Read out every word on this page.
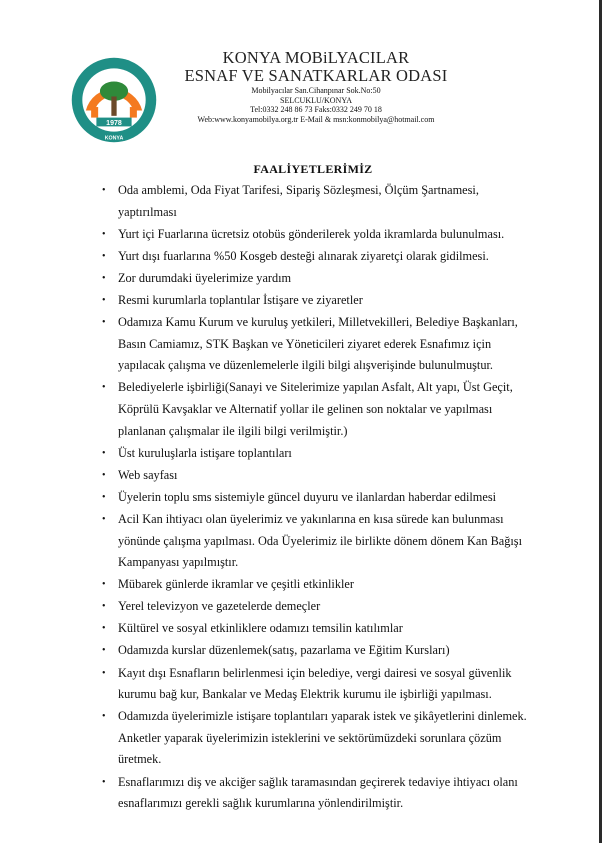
1978
KONYA
KONYA MOBiLYACILAR
ESNAF VE SANATKARLAR ODASI
Mobilyacılar San.Cihanpınar Sok.No:50
SELCUKLU/KONYA
Tel:0332 248 86 73 Faks:0332 249 70 18
Web:www.konyamobilya.org.tr E-Mail & msn:konmobilya@hotmail.com
FAALİYETLERİMİZ
• Oda amblemi, Oda Fiyat Tarifesi, Sipariş Sözleşmesi, Ölçüm Şartnamesi, yaptırılması
• Yurt içi Fuarlarına ücretsiz otobüs gönderilerek yolda ikramlarda bulunulması.
• Yurt dışı fuarlarına %50 Kosgeb desteği alınarak ziyaretçi olarak gidilmesi.
• Zor durumdaki üyelerimize yardım
• Resmi kurumlarla toplantılar İstişare ve ziyaretler
• Odamıza Kamu Kurum ve kuruluş yetkileri, Milletvekilleri, Belediye Başkanları, Basın Camiamız, STK Başkan ve Yöneticileri ziyaret ederek Esnafımız için yapılacak çalışma ve düzenlemelerle ilgili bilgi alışverişinde bulunulmuştur.
• Belediyelerle işbirliği(Sanayi ve Sitelerimize yapılan Asfalt, Alt yapı, Üst Geçit, Köprülü Kavşaklar ve Alternatif yollar ile gelinen son noktalar ve yapılması planlanan çalışmalar ile ilgili bilgi verilmiştir.)
• Üst kuruluşlarla istişare toplantıları
• Web sayfası
• Üyelerin toplu sms sistemiyle güncel duyuru ve ilanlardan haberdar edilmesi
• Acil Kan ihtiyacı olan üyelerimiz ve yakınlarına en kısa sürede kan bulunması yönünde çalışma yapılması. Oda Üyelerimiz ile birlikte dönem dönem Kan Bağışı Kampanyası yapılmıştır.
• Mübarek günlerde ikramlar ve çeşitli etkinlikler
• Yerel televizyon ve gazetelerde demeçler
• Kültürel ve sosyal etkinliklere odamızı temsilin katılımlar
• Odamızda kurslar düzenlemek(satış, pazarlama ve Eğitim Kursları)
• Kayıt dışı Esnafların belirlenmesi için belediye, vergi dairesi ve sosyal güvenlik kurumu bağ kur, Bankalar ve Medaş Elektrik kurumu ile işbirliği yapılması.
• Odamızda üyelerimizle istişare toplantıları yaparak istek ve şikâyetlerini dinlemek. Anketler yaparak üyelerimizin isteklerini ve sektörümüzdeki sorunlara çözüm üretmek.
• Esnaflarımızı diş ve akciğer sağlık taramasından geçirerek tedaviye ihtiyacı olanı esnaflarımızı gerekli sağlık kurumlarına yönlendirilmiştir.
